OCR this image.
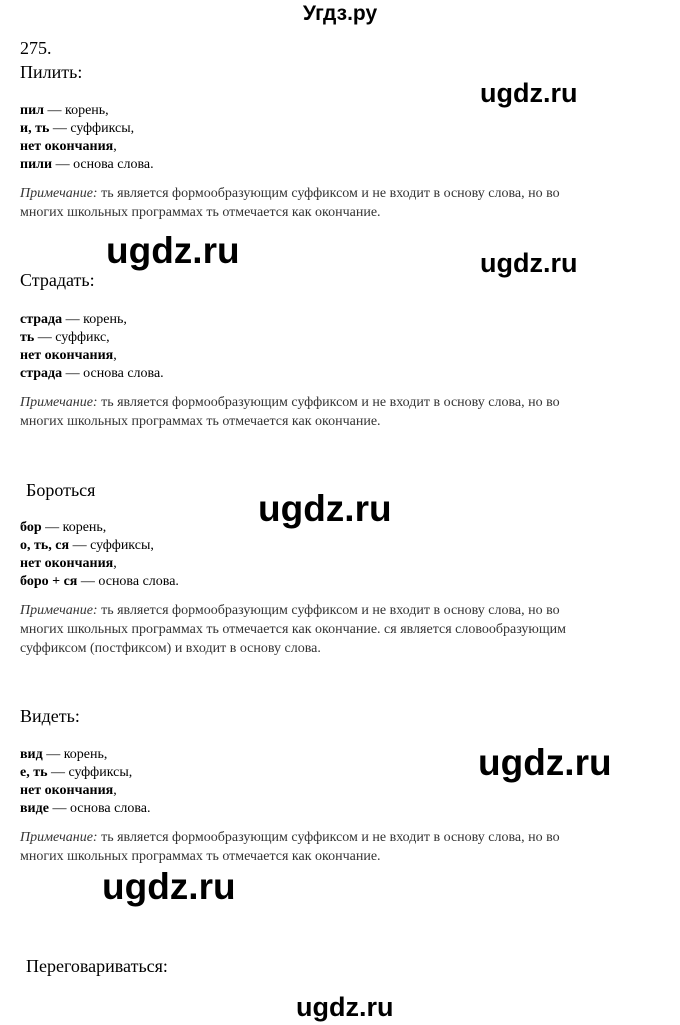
Угдз.ру
275.
Пилить:
пил — корень,
и, ть — суффиксы,
нет окончания,
пили — основа слова.
Примечание: ть является формообразующим суффиксом и не входит в основу слова, но во
многих школьных программах ть отмечается как окончание.
Страдать:
страда — корень,
ть — суффикс,
нет окончания,
страда — основа слова.
Примечание: ть является формообразующим суффиксом и не входит в основу слова, но во
многих школьных программах ть отмечается как окончание.
Бороться
бор — корень,
о, ть, ся — суффиксы,
нет окончания,
боро + ся — основа слова.
Примечание: ть является формообразующим суффиксом и не входит в основу слова, но во
многих школьных программах ть отмечается как окончание. ся является словообразующим
суффиксом (постфиксом) и входит в основу слова.
Видеть:
вид — корень,
е, ть — суффиксы,
нет окончания,
виде — основа слова.
Примечание: ть является формообразующим суффиксом и не входит в основу слова, но во
многих школьных программах ть отмечается как окончание.
Переговариваться:
ugdz.ru
ugdz.ru	ugdz.ru
ugdz.ru
ugdz.ru
ugdz.ru
ugdz.ru
